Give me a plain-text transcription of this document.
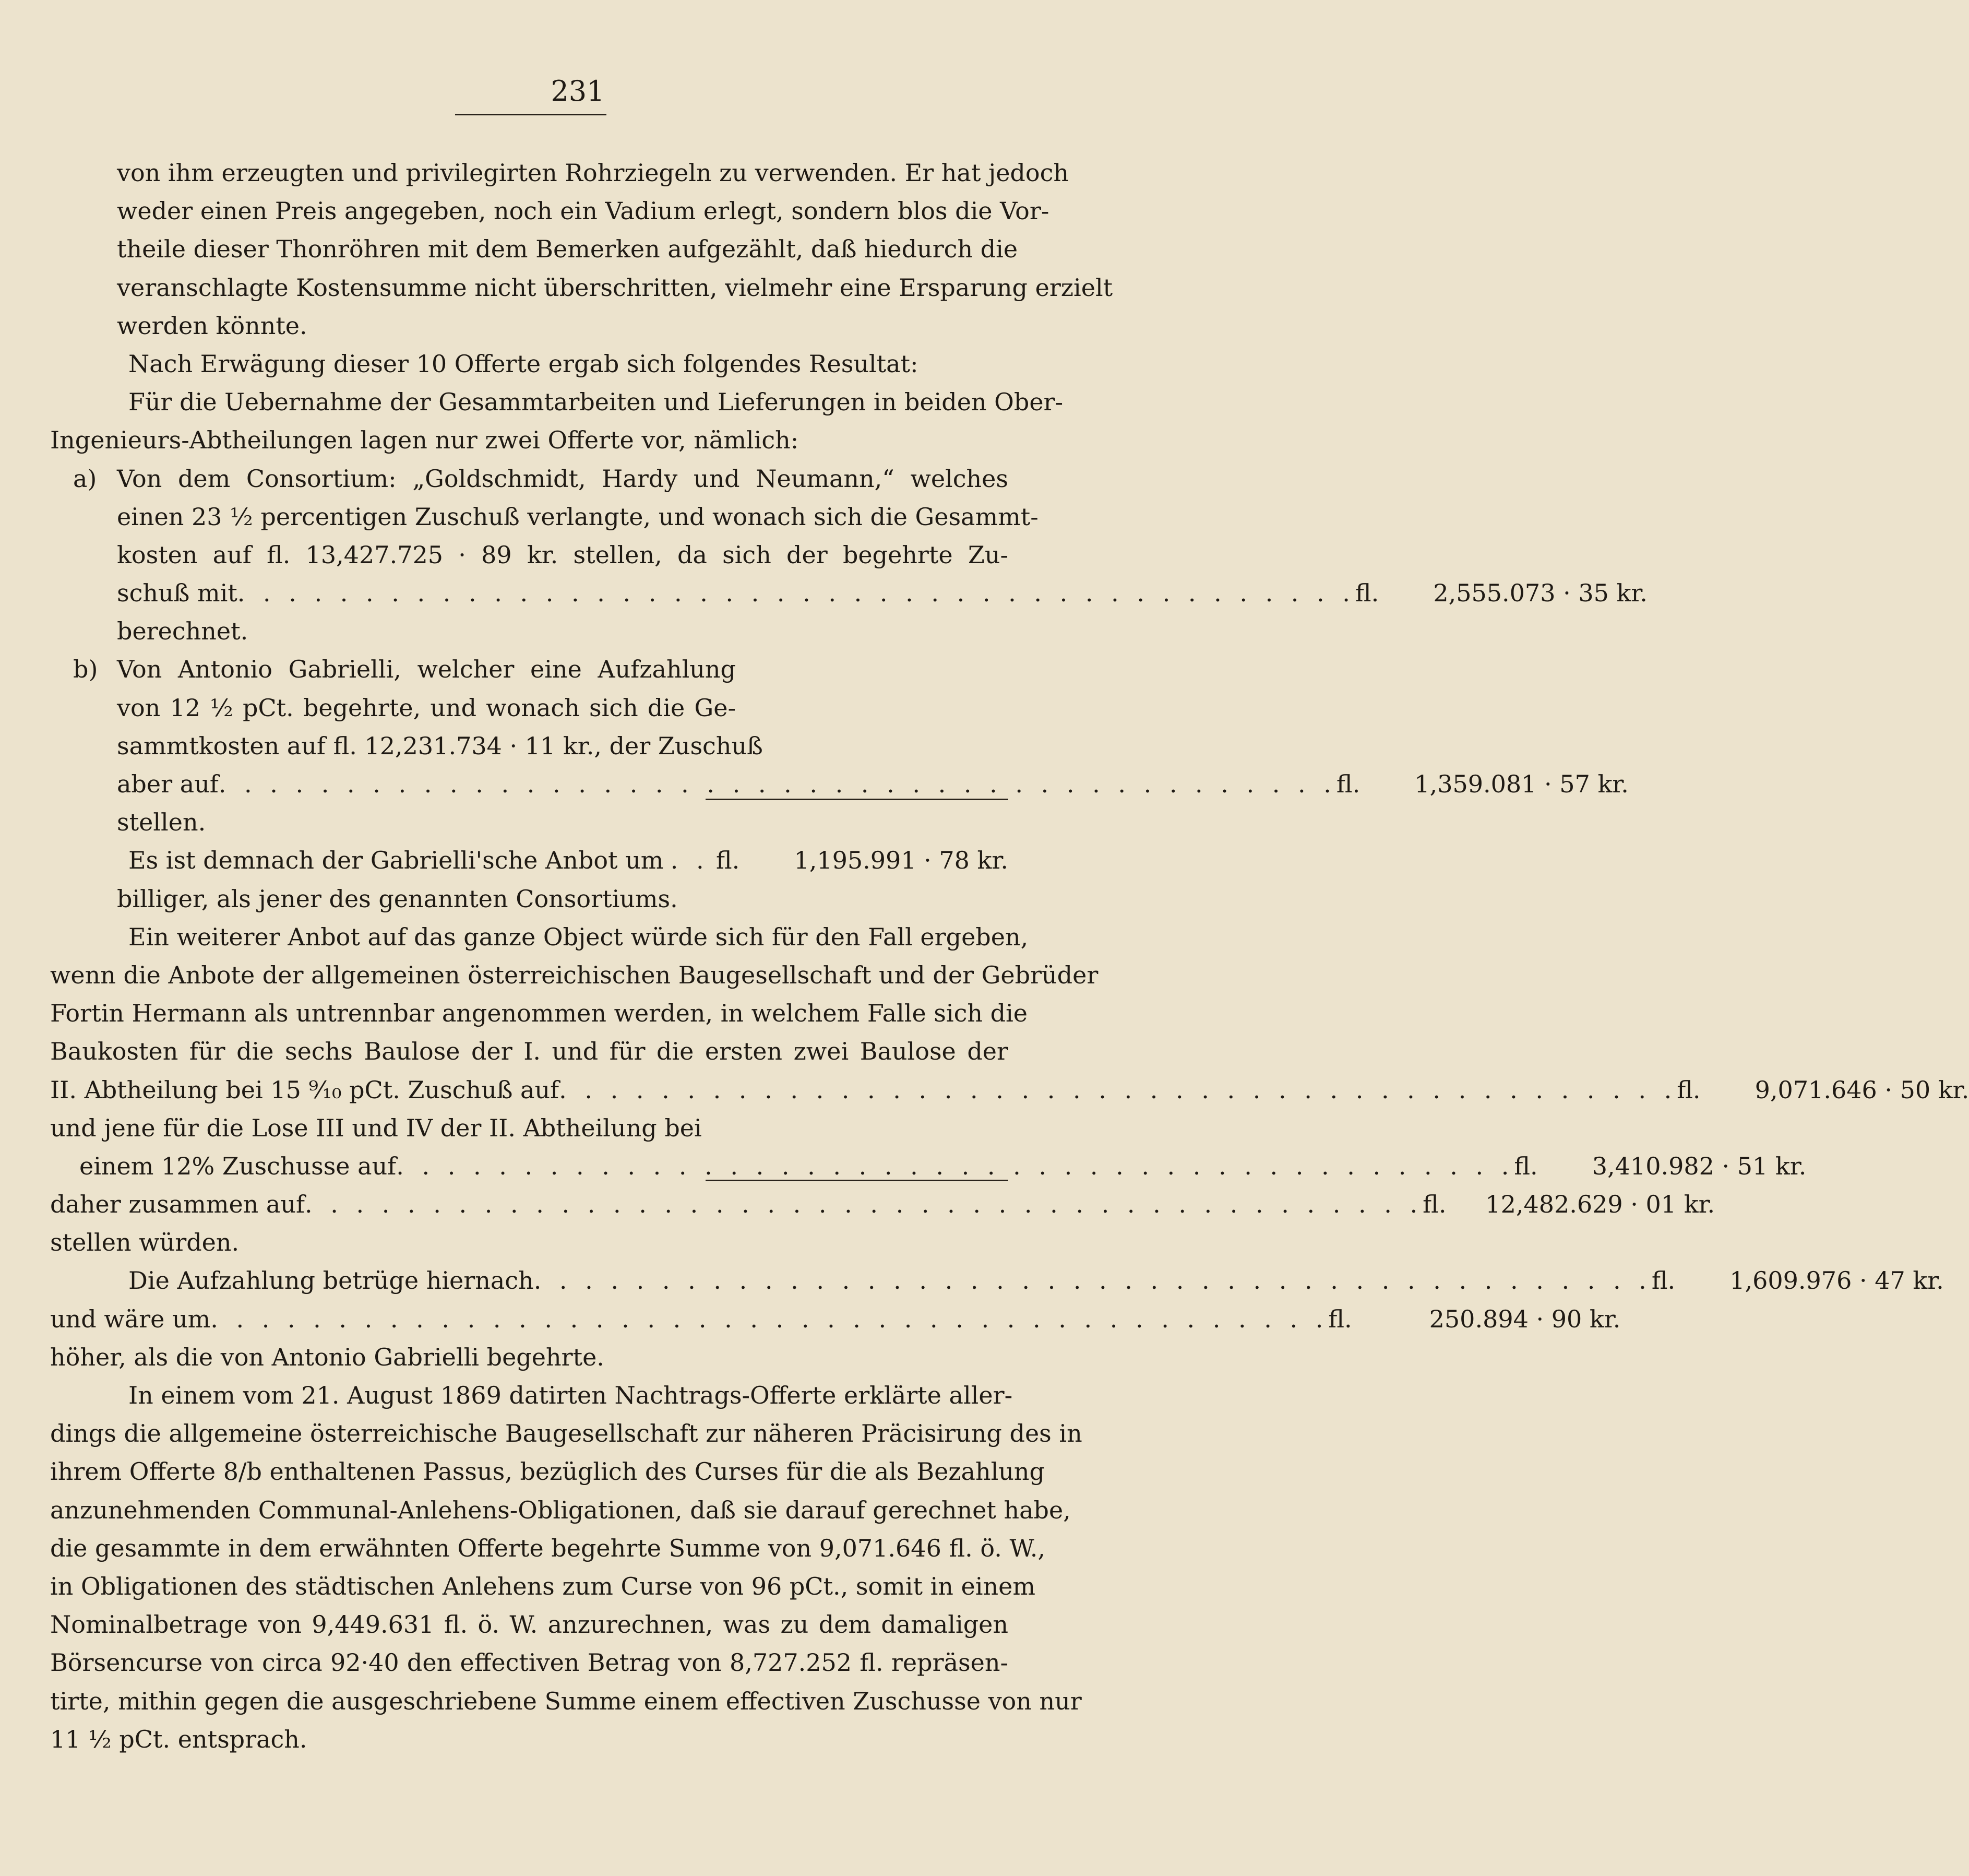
231
von ihm erzeugten und privilegirten Rohrziegeln zu verwenden. Er hat jedoch
weder einen Preis angegeben, noch ein Vadium erlegt, sondern blos die Vor-
theile dieser Thonröhren mit dem Bemerken aufgezählt, daß hiedurch die
veranschlagte Kostensumme nicht überschritten, vielmehr eine Ersparung erzielt
werden könnte.
Nach Erwägung dieser 10 Offerte ergab sich folgendes Resultat:
Für die Uebernahme der Gesammtarbeiten und Lieferungen in beiden Ober-
Ingenieurs-Abtheilungen lagen nur zwei Offerte vor, nämlich:
a) Von dem Consortium: „Goldschmidt, Hardy und Neumann,“ welches
einen 23 ½ percentigen Zuschuß verlangte, und wonach sich die Gesammt-
kosten auf fl. 13,427.725 · 89 kr. stellen, da sich der begehrte Zu-
schuß mit . . .	fl. 2,555.073 · 35 kr.
berechnet.
b) Von Antonio Gabrielli, welcher eine Aufzahlung
von 12 ½ pCt. begehrte, und wonach sich die Ge-
sammtkosten auf fl. 12,231.734 · 11 kr., der Zuschuß
aber auf . . .	fl. 1,359.081 · 57 kr.
stellen.
Es ist demnach der Gabrielli'sche Anbot um . . fl. 1,195.991 · 78 kr.
billiger, als jener des genannten Consortiums.
Ein weiterer Anbot auf das ganze Object würde sich für den Fall ergeben,
wenn die Anbote der allgemeinen österreichischen Baugesellschaft und der Gebrüder
Fortin Hermann als untrennbar angenommen werden, in welchem Falle sich die
Baukosten für die sechs Baulose der I. und für die ersten zwei Baulose der
II. Abtheilung bei 15 ⁹⁄₁₀ pCt. Zuschuß auf . . .	fl. 9,071.646 · 50 kr.
und jene für die Lose III und IV der II. Abtheilung bei
einem 12% Zuschusse auf . . .	fl. 3,410.982 · 51 kr.
daher zusammen auf . . .	fl. 12,482.629 · 01 kr.
stellen würden.
Die Aufzahlung betrüge hiernach . . .	fl. 1,609.976 · 47 kr.
und wäre um . . .	fl.	250.894 · 90 kr.
höher, als die von Antonio Gabrielli begehrte.
In einem vom 21. August 1869 datirten Nachtrags-Offerte erklärte aller-
dings die allgemeine österreichische Baugesellschaft zur näheren Präcisirung des in
ihrem Offerte 8/b enthaltenen Passus, bezüglich des Curses für die als Bezahlung
anzunehmenden Communal-Anlehens-Obligationen, daß sie darauf gerechnet habe,
die gesammte in dem erwähnten Offerte begehrte Summe von 9,071.646 fl. ö. W.,
in Obligationen des städtischen Anlehens zum Curse von 96 pCt., somit in einem
Nominalbetrage von 9,449.631 fl. ö. W. anzurechnen, was zu dem damaligen
Börsencurse von circa 92·40 den effectiven Betrag von 8,727.252 fl. repräsen-
tirte, mithin gegen die ausgeschriebene Summe einem effectiven Zuschusse von nur
11 ½ pCt. entsprach.
